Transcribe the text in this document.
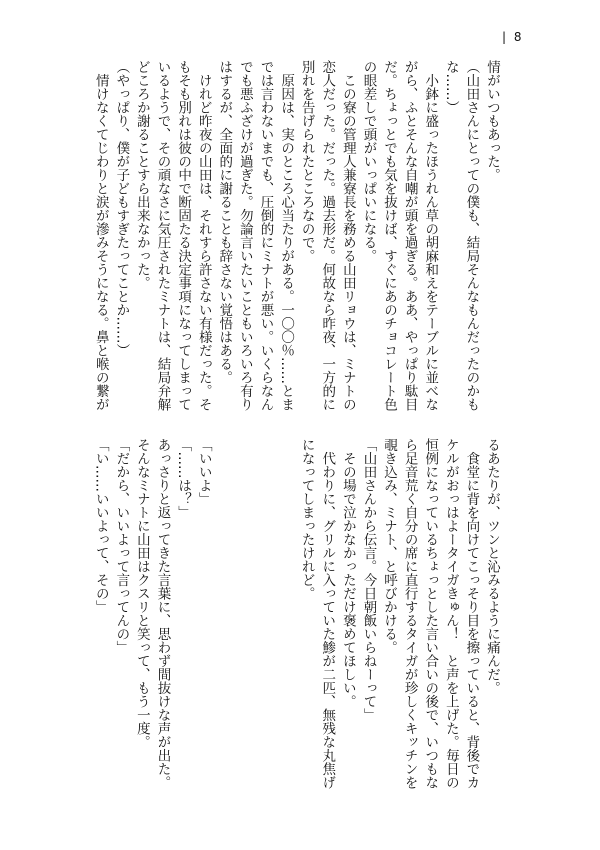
| 8
情がいつもあった。
（山田さんにとっての僕も、結局そんなもんだったのかも
な……）
　小鉢に盛ったほうれん草の胡麻和えをテーブルに並べな
がら、ふとそんな自嘲が頭を過ぎる。ああ、やっぱり駄目
だ。ちょっとでも気を抜けば、すぐにあのチョコレート色
の眼差しで頭がいっぱいになる。
　この寮の管理人兼寮長を務める山田リョウは、ミナトの
恋人だった。だった。過去形だ。何故なら昨夜、一方的に
別れを告げられたところなので。
　原因は、実のところ心当たりがある。一〇〇％……とま
では言わないまでも、圧倒的にミナトが悪い。いくらなん
でも悪ふざけが過ぎた。勿論言いたいこともいろいろ有り
はするが、全面的に謝ることも辞さない覚悟はある。
　けれど昨夜の山田は、それすら許さない有様だった。そ
もそも別れは彼の中で断固たる決定事項になってしまって
いるようで、その頑なさに気圧されたミナトは、結局弁解
どころか謝ることすら出来なかった。
（やっぱり、僕が子どもすぎたってことか……）
　情けなくてじわりと涙が滲みそうになる。鼻と喉の繋が
るあたりが、ツンと沁みるように痛んだ。
　食堂に背を向けてこっそり目を擦っていると、背後でカ
ケルがおっはよータイガきゅん！　と声を上げた。毎日の
恒例になっているちょっとした言い合いの後で、いつもな
ら足音荒く自分の席に直行するタイガが珍しくキッチンを
覗き込み、ミナト、と呼びかける。
「山田さんから伝言。今日朝飯いらねーって」
　その場で泣かなかっただけ褒めてほしい。
　代わりに、グリルに入っていた鯵が二匹、無残な丸焦げ
になってしまったけれど。
「いいよ」
「……は？」
あっさりと返ってきた言葉に、思わず間抜けな声が出た。
そんなミナトに山田はクスリと笑って、もう一度。
「だから、いいよって言ってんの」
「い……いいよって、その」
